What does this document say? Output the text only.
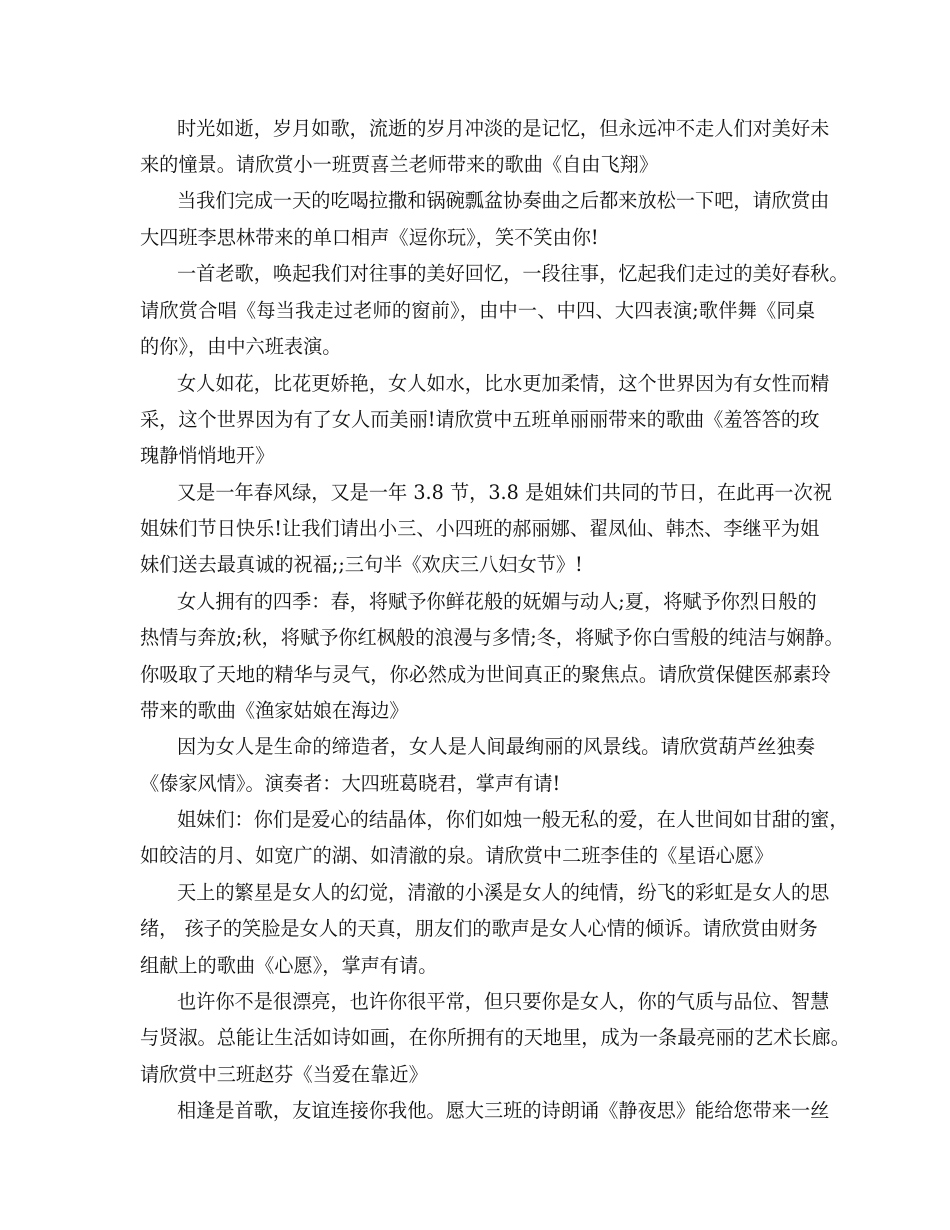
时光如逝，岁月如歌，流逝的岁月冲淡的是记忆，但永远冲不走人们对美好未
来的憧景。请欣赏小一班贾喜兰老师带来的歌曲《自由飞翔》
当我们完成一天的吃喝拉撒和锅碗瓢盆协奏曲之后都来放松一下吧，请欣赏由
大四班李思林带来的单口相声《逗你玩》，笑不笑由你!
一首老歌，唤起我们对往事的美好回忆，一段往事，忆起我们走过的美好春秋。
请欣赏合唱《每当我走过老师的窗前》，由中一、中四、大四表演;歌伴舞《同桌
的你》，由中六班表演。
女人如花，比花更娇艳，女人如水，比水更加柔情，这个世界因为有女性而精
采，这个世界因为有了女人而美丽!请欣赏中五班单丽丽带来的歌曲《羞答答的玫
瑰静悄悄地开》
又是一年春风绿，又是一年 3.8 节，3.8 是姐妹们共同的节日，在此再一次祝
姐妹们节日快乐!让我们请出小三、小四班的郝丽娜、翟凤仙、韩杰、李继平为姐
妹们送去最真诚的祝福;;三句半《欢庆三八妇女节》!
女人拥有的四季：春，将赋予你鲜花般的妩媚与动人;夏，将赋予你烈日般的
热情与奔放;秋，将赋予你红枫般的浪漫与多情;冬，将赋予你白雪般的纯洁与娴静。
你吸取了天地的精华与灵气，你必然成为世间真正的聚焦点。请欣赏保健医郝素玲
带来的歌曲《渔家姑娘在海边》
因为女人是生命的缔造者，女人是人间最绚丽的风景线。请欣赏葫芦丝独奏
《傣家风情》。演奏者：大四班葛晓君，掌声有请!
姐妹们：你们是爱心的结晶体，你们如烛一般无私的爱，在人世间如甘甜的蜜，
如皎洁的月、如宽广的湖、如清澈的泉。请欣赏中二班李佳的《星语心愿》
天上的繁星是女人的幻觉，清澈的小溪是女人的纯情，纷飞的彩虹是女人的思
绪， 孩子的笑脸是女人的天真，朋友们的歌声是女人心情的倾诉。请欣赏由财务
组献上的歌曲《心愿》，掌声有请。
也许你不是很漂亮，也许你很平常，但只要你是女人，你的气质与品位、智慧
与贤淑。总能让生活如诗如画，在你所拥有的天地里，成为一条最亮丽的艺术长廊。
请欣赏中三班赵芬《当爱在靠近》
相逢是首歌，友谊连接你我他。愿大三班的诗朗诵《静夜思》能给您带来一丝
